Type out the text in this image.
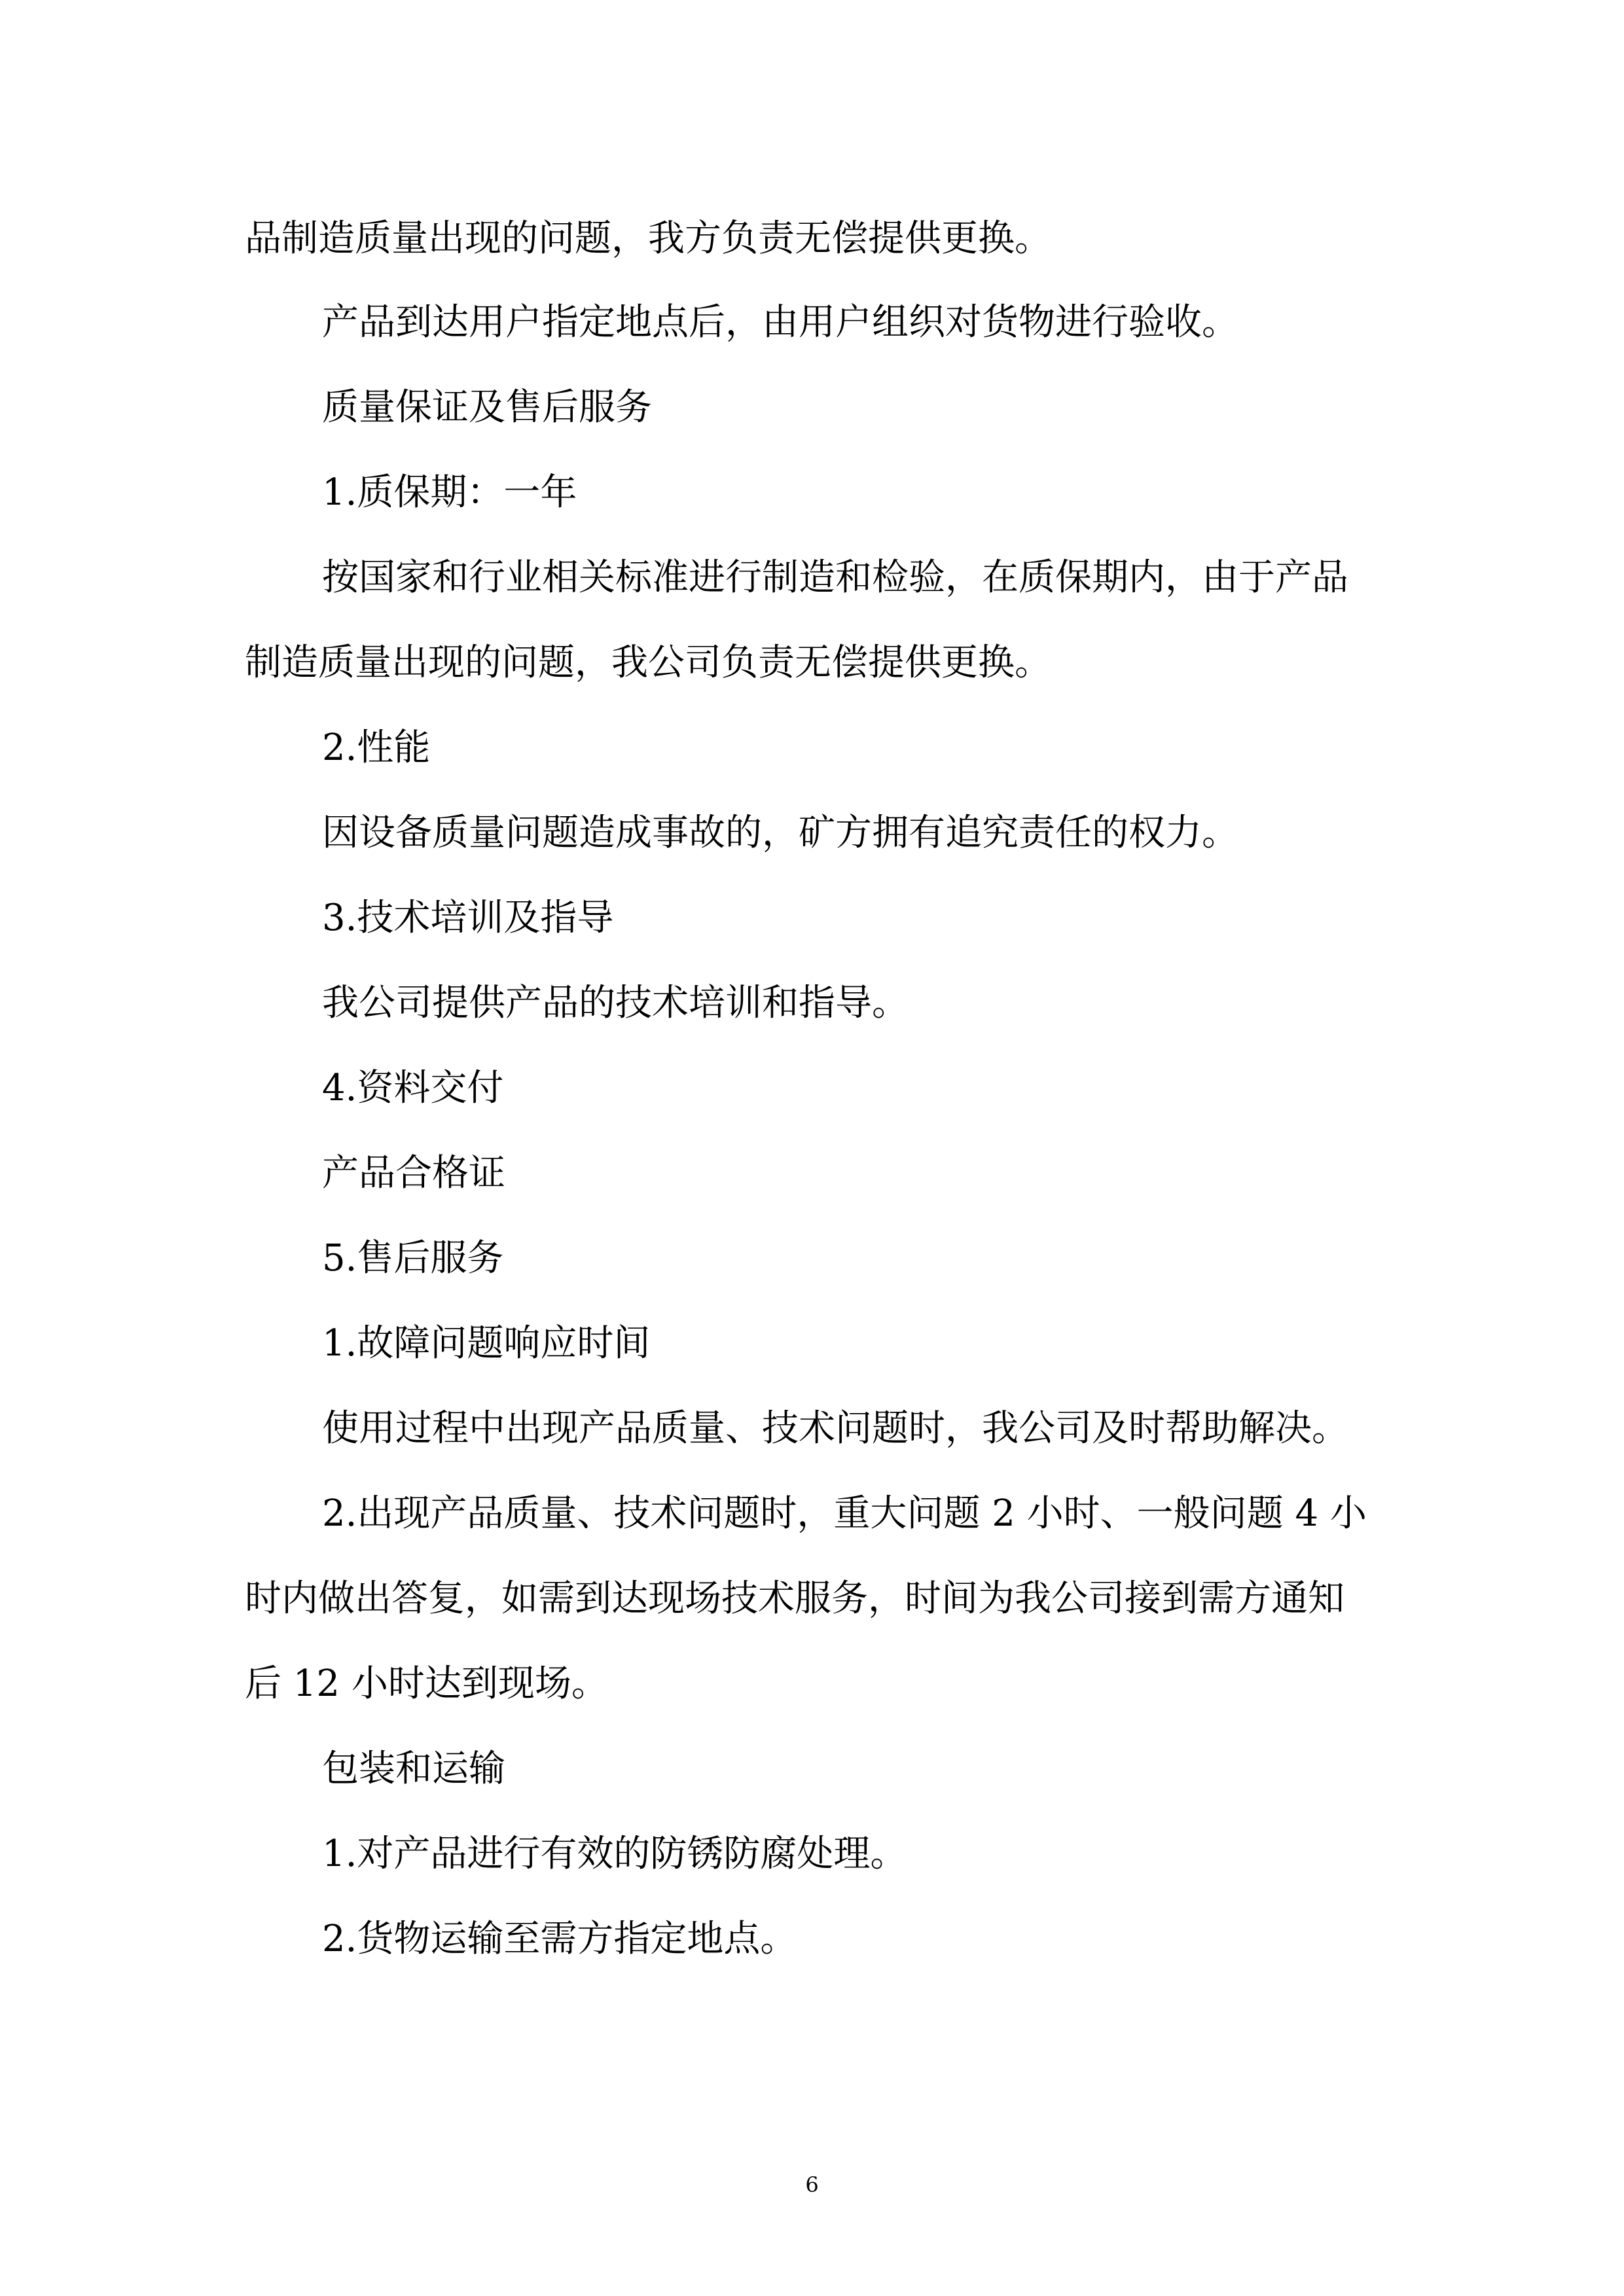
品制造质量出现的问题，我方负责无偿提供更换。
产品到达用户指定地点后，由用户组织对货物进行验收。
质量保证及售后服务
1.质保期：一年
按国家和行业相关标准进行制造和检验，在质保期内，由于产品
制造质量出现的问题，我公司负责无偿提供更换。
2.性能
因设备质量问题造成事故的，矿方拥有追究责任的权力。
3.技术培训及指导
我公司提供产品的技术培训和指导。
4.资料交付
产品合格证
5.售后服务
1.故障问题响应时间
使用过程中出现产品质量、技术问题时，我公司及时帮助解决。
2.出现产品质量、技术问题时，重大问题 2 小时、一般问题 4 小
时内做出答复，如需到达现场技术服务，时间为我公司接到需方通知
后 12 小时达到现场。
包装和运输
1.对产品进行有效的防锈防腐处理。
2.货物运输至需方指定地点。
6
